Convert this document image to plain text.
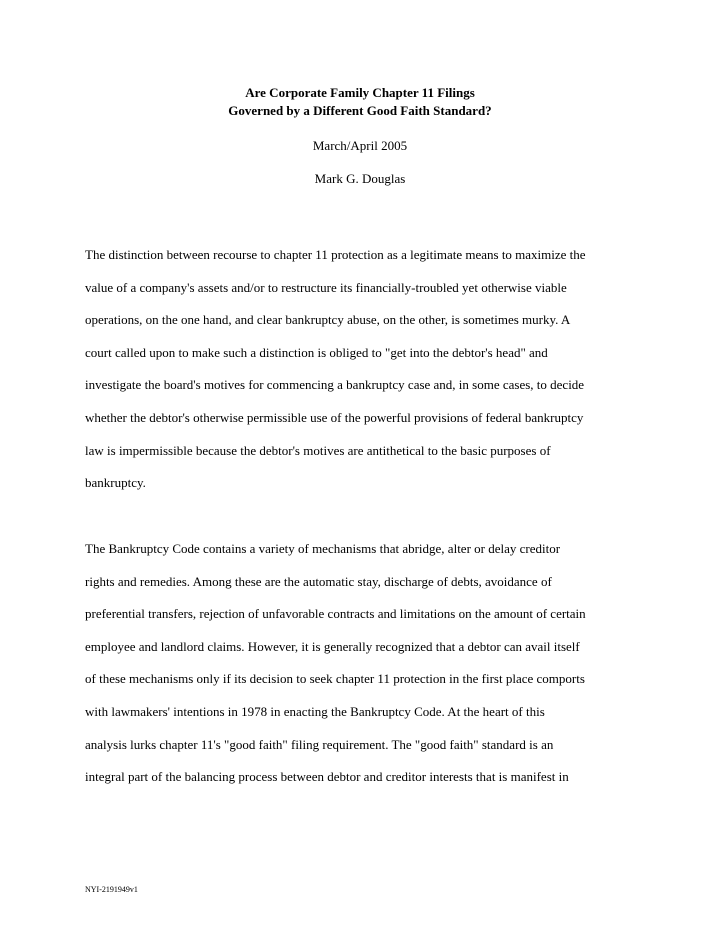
Are Corporate Family Chapter 11 Filings
Governed by a Different Good Faith Standard?
March/April 2005
Mark G. Douglas
The distinction between recourse to chapter 11 protection as a legitimate means to maximize the
value of a company's assets and/or to restructure its financially-troubled yet otherwise viable
operations, on the one hand, and clear bankruptcy abuse, on the other, is sometimes murky. A
court called upon to make such a distinction is obliged to "get into the debtor's head" and
investigate the board's motives for commencing a bankruptcy case and, in some cases, to decide
whether the debtor's otherwise permissible use of the powerful provisions of federal bankruptcy
law is impermissible because the debtor's motives are antithetical to the basic purposes of
bankruptcy.
The Bankruptcy Code contains a variety of mechanisms that abridge, alter or delay creditor
rights and remedies. Among these are the automatic stay, discharge of debts, avoidance of
preferential transfers, rejection of unfavorable contracts and limitations on the amount of certain
employee and landlord claims. However, it is generally recognized that a debtor can avail itself
of these mechanisms only if its decision to seek chapter 11 protection in the first place comports
with lawmakers' intentions in 1978 in enacting the Bankruptcy Code. At the heart of this
analysis lurks chapter 11's "good faith" filing requirement. The "good faith" standard is an
integral part of the balancing process between debtor and creditor interests that is manifest in
NYI-2191949v1
